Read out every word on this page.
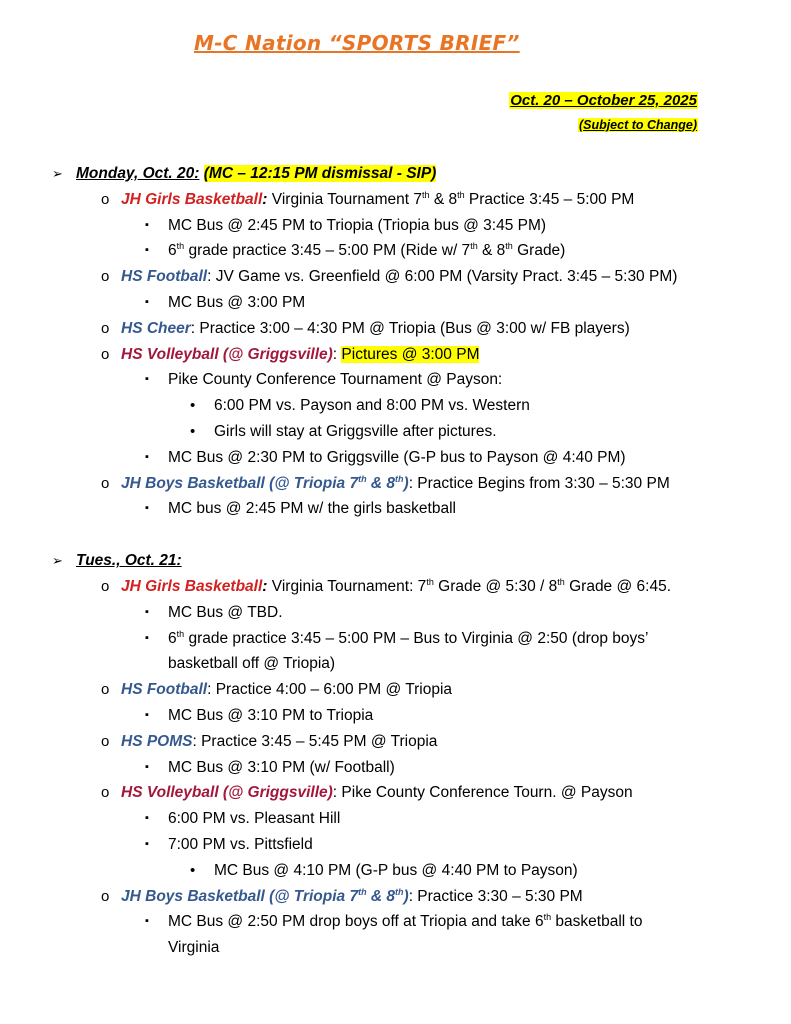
M-C Nation “SPORTS BRIEF”
Oct. 20 – October 25, 2025
(Subject to Change)
➢ Monday, Oct. 20: (MC – 12:15 PM dismissal - SIP)
o JH Girls Basketball: Virginia Tournament 7th & 8th Practice 3:45 – 5:00 PM
▪ MC Bus @ 2:45 PM to Triopia (Triopia bus @ 3:45 PM)
▪ 6th grade practice 3:45 – 5:00 PM (Ride w/ 7th & 8th Grade)
o HS Football: JV Game vs. Greenfield @ 6:00 PM (Varsity Pract. 3:45 – 5:30 PM)
▪ MC Bus @ 3:00 PM
o HS Cheer: Practice 3:00 – 4:30 PM @ Triopia (Bus @ 3:00 w/ FB players)
o HS Volleyball (@ Griggsville): Pictures @ 3:00 PM
▪ Pike County Conference Tournament @ Payson:
• 6:00 PM vs. Payson and 8:00 PM vs. Western
• Girls will stay at Griggsville after pictures.
▪ MC Bus @ 2:30 PM to Griggsville (G-P bus to Payson @ 4:40 PM)
o JH Boys Basketball (@ Triopia 7th & 8th): Practice Begins from 3:30 – 5:30 PM
▪ MC bus @ 2:45 PM w/ the girls basketball
➢ Tues., Oct. 21:
o JH Girls Basketball: Virginia Tournament: 7th Grade @ 5:30 / 8th Grade @ 6:45.
▪ MC Bus @ TBD.
▪ 6th grade practice 3:45 – 5:00 PM – Bus to Virginia @ 2:50 (drop boys’
basketball off @ Triopia)
o HS Football: Practice 4:00 – 6:00 PM @ Triopia
▪ MC Bus @ 3:10 PM to Triopia
o HS POMS: Practice 3:45 – 5:45 PM @ Triopia
▪ MC Bus @ 3:10 PM (w/ Football)
o HS Volleyball (@ Griggsville): Pike County Conference Tourn. @ Payson
▪ 6:00 PM vs. Pleasant Hill
▪ 7:00 PM vs. Pittsfield
• MC Bus @ 4:10 PM (G-P bus @ 4:40 PM to Payson)
o JH Boys Basketball (@ Triopia 7th & 8th): Practice 3:30 – 5:30 PM
▪ MC Bus @ 2:50 PM drop boys off at Triopia and take 6th basketball to
Virginia
